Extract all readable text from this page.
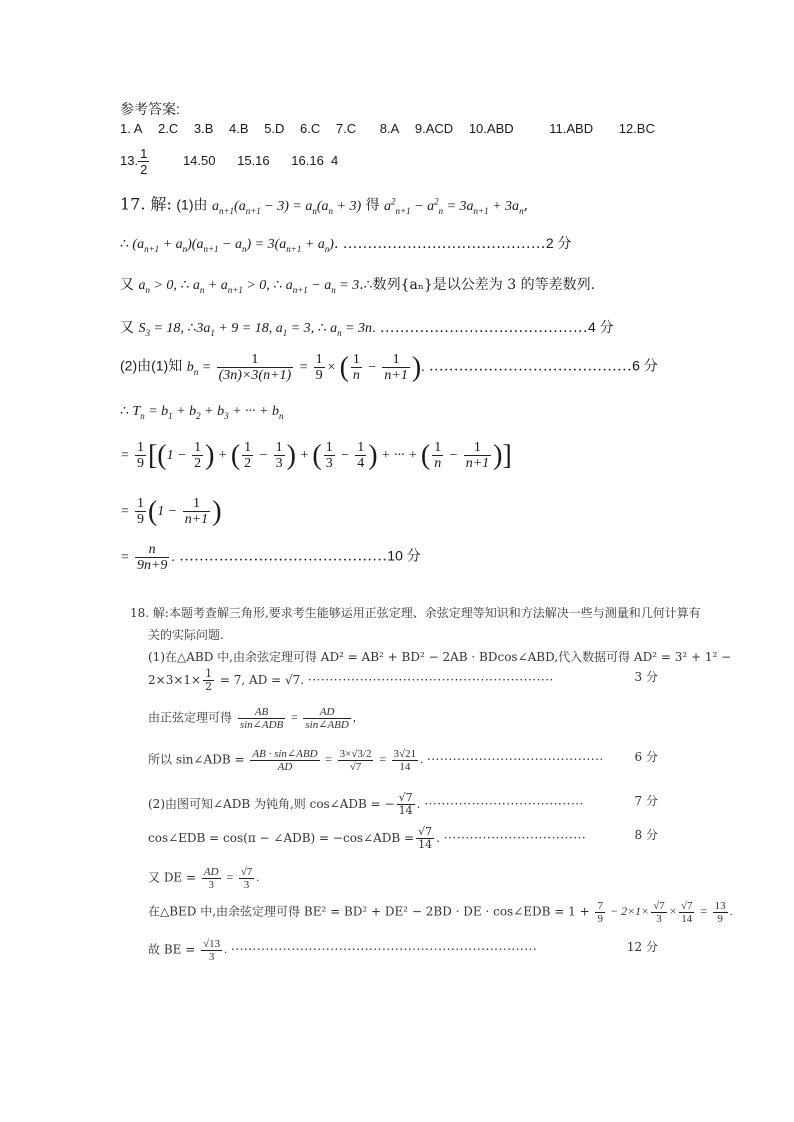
参考答案:
1. A 2.C 3.B 4.B 5.D 6.C 7.C 8.A 9.ACD 10.ABD	11.ABD 12.BC
13. $\frac{1}{2} 14.50$ 15.16 16.16  4
17. 解: (1)由 $a_{n+1}(a_{n+1} - 3) = a_n(a_n + 3)$ 得 $a^2_{n+1} - a^2_n = 3a_{n+1} + 3a_n$,
∴ $(a_{n+1} + a_n)(a_{n+1} - a_n) = 3(a_{n+1} + a_n)$. .........................................2 分
又 $a_n > 0$, ∴ $a_n + a_{n+1} > 0$, ∴ $a_{n+1} - a_n$ = 3.∴数列{aₙ}是以公差为 3 的等差数列.
又 $S_3 = 18$, $\therefore 3a_1 + 9 = 18$, $a_1 = 3$, ∴ $a_n = 3n$. ..........................................4 分
(2)由(1)知 $b_n = \frac{1}{(3n)\times 3(n+1)} = \frac{1}{9}$ × ( $\frac{1}{n} - \frac{1}{n+1}$ ). .........................................6 分
∴ $T_n = b_1 + b_2 + b_3$ + ··· + $b_n$
= $\frac{1}{9} [(1 - \frac{1}{2}$ ) + ( $\frac{1}{2} - \frac{1}{3}$ ) + ( $\frac{1}{3} - \frac{1}{4}$ ) + ··· + ( $\frac{1}{n} - \frac{1}{n+1}$ )]
= $\frac{1}{9} (1 - \frac{1}{n+1}$ )
= $\frac{n}{9n+9}$ . ..........................................10 分
18. 解:本题考查解三角形,要求考生能够运用正弦定理、余弦定理等知识和方法解决一些与测量和几何计算有
关的实际问题.
(1)在△ABD 中,由余弦定理可得 AD² = AB² + BD² − 2AB · BDcos∠ABD,代入数据可得 AD² = 3² + 1² −
$2\times 3\times 1\times \frac{1}{2} = 7$, AD = √7. ·························································	3 分
由正弦定理可得 $\frac{AB}{\text{sin∠ADB}} = \frac{AD}{\text{sin∠ABD}}$ ,
所以 sin∠ADB = $\frac{\text{AB · sin∠ABD}}{AD} = \frac{3\times√3/2}{√7} = \frac{3√21}{14}$ . ·········································	6 分
(2)由图可知∠ADB 为钝角,则 cos∠ADB = − $\frac{√7}{14}$ . ·····································	7 分
cos∠EDB = cos(π − ∠ADB) = −cos∠ADB = $\frac{√7}{14}$ . ·································	8 分
又 DE = $\frac{AD}{3} = \frac{√7}{3}$ .
在△BED 中,由余弦定理可得 BE² = BD² + DE² − 2BD · DE · cos∠EDB = $1 + \frac{7}{9} - 2\times 1\times \frac{√7}{3} \times \frac{√7}{14} = \frac{13}{9}$ .
故 BE = $\frac{√13}{3}$ . ·······································································	12 分
